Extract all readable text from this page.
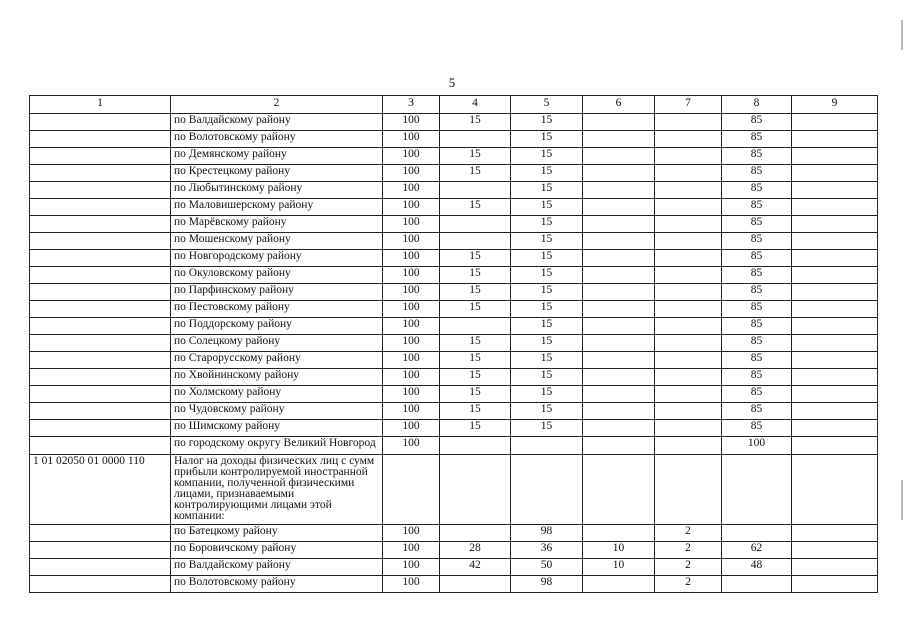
5
1	2	3	4	5	6	7	8	9
	по Валдайскому району	100	15	15			85	
	по Волотовскому району	100		15			85	
	по Демянскому району	100	15	15			85	
	по Крестецкому району	100	15	15			85	
	по Любытинскому району	100		15			85	
	по Маловишерскому району	100	15	15			85	
	по Марёвскому району	100		15			85	
	по Мошенскому району	100		15			85	
	по Новгородскому району	100	15	15			85	
	по Окуловскому району	100	15	15			85	
	по Парфинскому району	100	15	15			85	
	по Пестовскому району	100	15	15			85	
	по Поддорскому району	100		15			85	
	по Солецкому району	100	15	15			85	
	по Старорусскому району	100	15	15			85	
	по Хвойнинскому району	100	15	15			85	
	по Холмскому району	100	15	15			85	
	по Чудовскому району	100	15	15			85	
	по Шимскому району	100	15	15			85	
	по городскому округу Великий Новгород	100					100	
1 01 02050 01 0000 110	Налог на доходы физических лиц с сумм прибыли контролируемой иностранной компании, полученной физическими лицами, признаваемыми контролирующими лицами этой компании:							
	по Батецкому району	100		98		2		
	по Боровичскому району	100	28	36	10	2	62	
	по Валдайскому району	100	42	50	10	2	48	
	по Волотовскому району	100		98		2		
